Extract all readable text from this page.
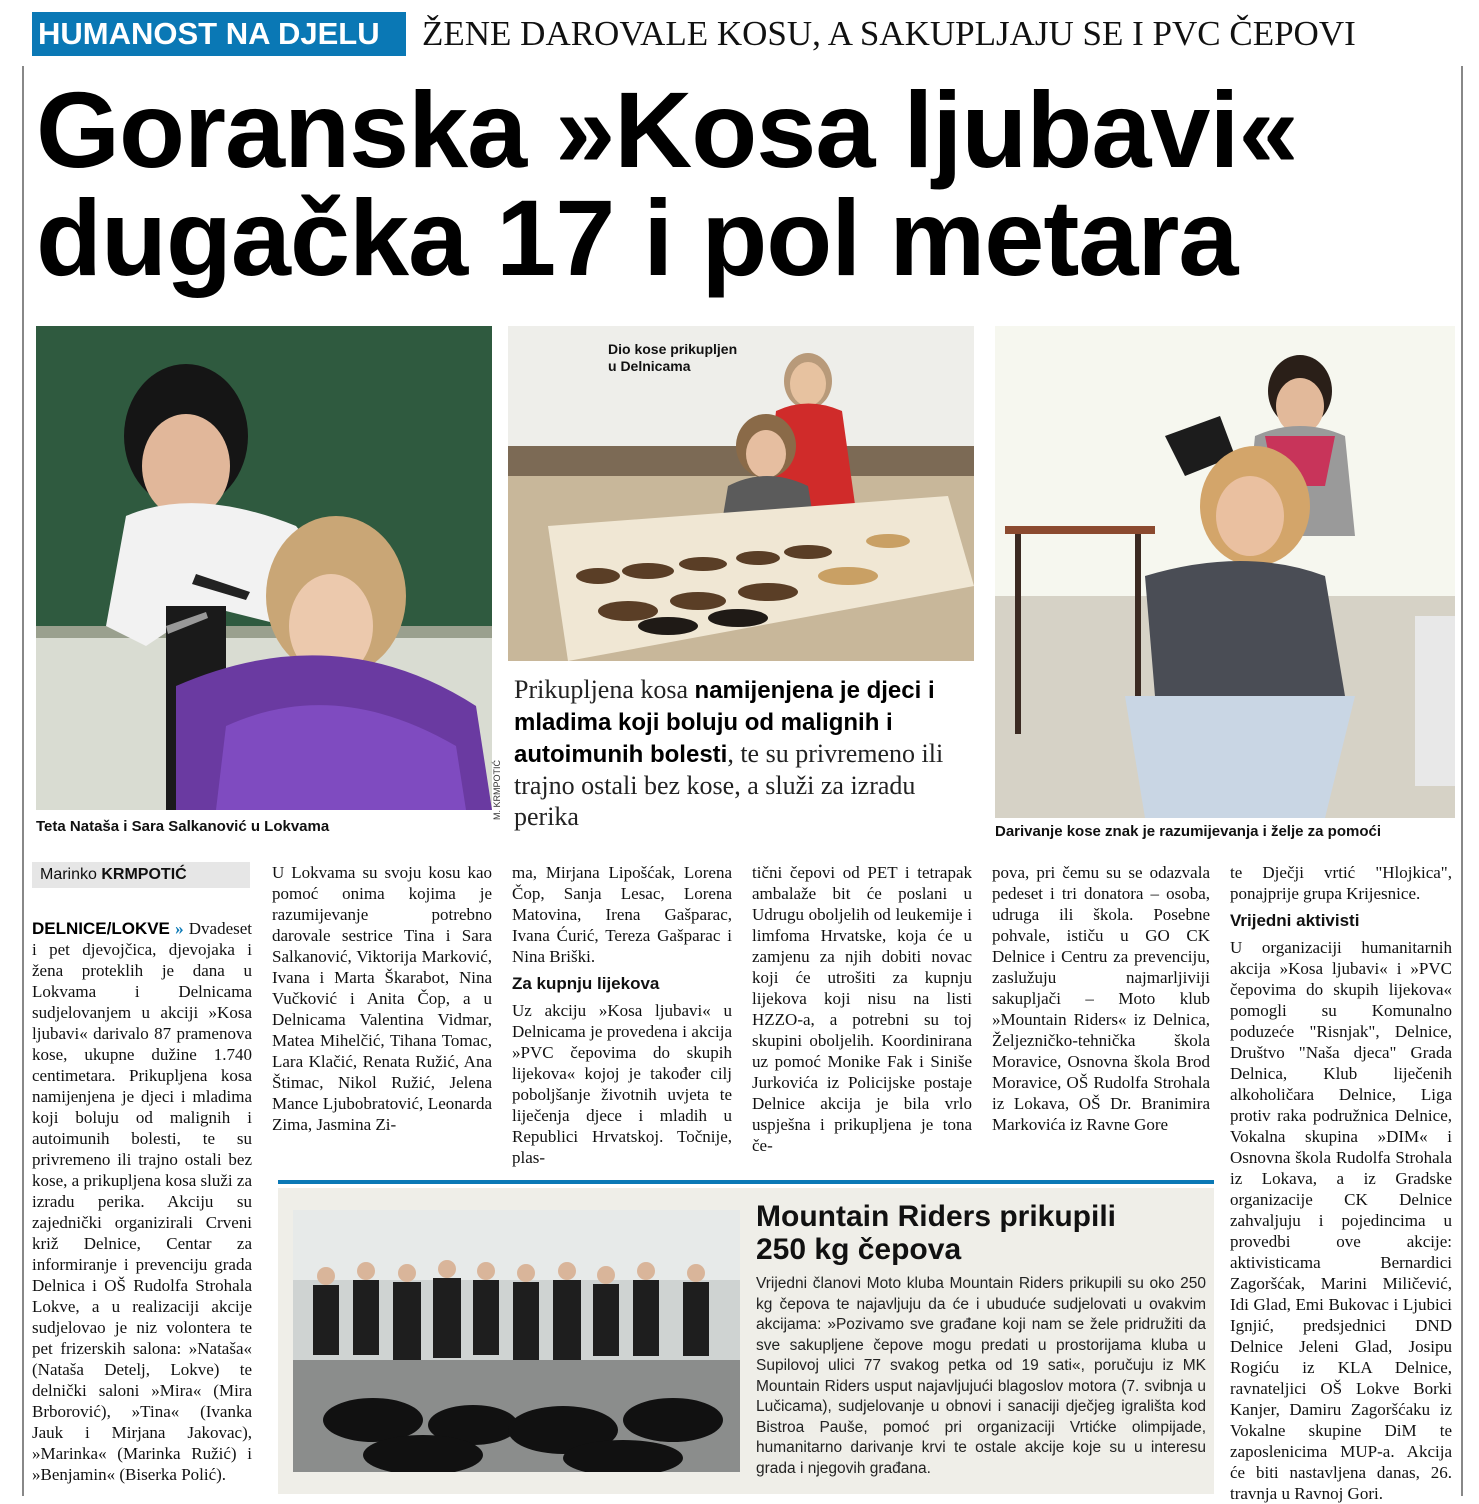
HUMANOST NA DJELU	ŽENE DAROVALE KOSU, A SAKUPLJAJU SE I PVC ČEPOVI
Goranska »Kosa ljubavi«
dugačka 17 i pol metara
Teta Nataša i Sara Salkanović u Lokvama
Dio kose prikupljen
u Delnicama
M. KRMPOTIĆ
Prikupljena kosa namijenjena je djeci i mladima koji boluju od malignih i autoimunih bolesti, te su privremeno ili trajno ostali bez kose, a služi za izradu perika
Darivanje kose znak je razumijevanja i želje za pomoći
Marinko KRMPOTIĆ
DELNICE/LOKVE » Dvadeset i pet djevojčica, djevojaka i žena proteklih je dana u Lokvama i Delnicama sudjelovanjem u akciji »Kosa ljubavi« darivalo 87 pramenova kose, ukupne dužine 1.740 centimetara. Prikupljena kosa namijenjena je djeci i mladima koji boluju od malignih i autoimunih bolesti, te su privremeno ili trajno ostali bez kose, a prikupljena kosa služi za izradu perika. Akciju su zajednički organizirali Crveni križ Delnice, Centar za informiranje i prevenciju grada Delnica i OŠ Rudolfa Strohala Lokve, a u realizaciji akcije sudjelovao je niz volontera te pet frizerskih salona: »Nataša« (Nataša Detelj, Lokve) te delnički saloni »Mira« (Mira Brborović), »Tina« (Ivanka Jauk i Mirjana Jakovac), »Marinka« (Marinka Ružić) i »Benjamin« (Biserka Polić).
U Lokvama su svoju kosu kao pomoć onima kojima je razumijevanje potrebno darovale sestrice Tina i Sara Salkanović, Viktorija Marković, Ivana i Marta Škarabot, Nina Vučković i Anita Čop, a u Delnicama Valentina Vidmar, Matea Mihelčić, Tihana Tomac, Lara Klačić, Renata Ružić, Ana Štimac, Nikol Ružić, Jelena Mance Ljubobratović, Leonarda Zima, Jasmina Zi-
ma, Mirjana Lipošćak, Lorena Čop, Sanja Lesac, Lorena Matovina, Irena Gašparac, Ivana Ćurić, Tereza Gašparac i Nina Briški.
Za kupnju lijekova
Uz akciju »Kosa ljubavi« u Delnicama je provedena i akcija »PVC čepovima do skupih lijekova« kojoj je također cilj poboljšanje životnih uvjeta te liječenja djece i mladih u Republici Hrvatskoj. Točnije, plas-
tični čepovi od PET i tetrapak ambalaže bit će poslani u Udrugu oboljelih od leukemije i limfoma Hrvatske, koja će u zamjenu za njih dobiti novac koji će utrošiti za kupnju lijekova koji nisu na listi HZZO-a, a potrebni su toj skupini oboljelih. Koordinirana uz pomoć Monike Fak i Siniše Jurkovića iz Policijske postaje Delnice akcija je bila vrlo uspješna i prikupljena je tona če-
pova, pri čemu su se odazvala pedeset i tri donatora – osoba, udruga ili škola. Posebne pohvale, ističu u GO CK Delnice i Centru za prevenciju, zaslužuju najmarljiviji sakupljači – Moto klub »Mountain Riders« iz Delnica, Željezničko-tehnička škola Moravice, Osnovna škola Brod Moravice, OŠ Rudolfa Strohala iz Lokava, OŠ Dr. Branimira Markovića iz Ravne Gore
te Dječji vrtić "Hlojkica", ponajprije grupa Krijesnice.
Vrijedni aktivisti
U organizaciji humanitarnih akcija »Kosa ljubavi« i »PVC čepovima do skupih lijekova« pomogli su Komunalno poduzeće "Risnjak", Delnice, Društvo "Naša djeca" Grada Delnica, Klub liječenih alkoholičara Delnice, Liga protiv raka podružnica Delnice, Vokalna skupina »DIM« i Osnovna škola Rudolfa Strohala iz Lokava, a iz Gradske organizacije CK Delnice zahvaljuju i pojedincima u provedbi ove akcije: aktivisticama Bernardici Zagoršćak, Marini Miličević, Idi Glad, Emi Bukovac i Ljubici Ignjić, predsjednici DND Delnice Jeleni Glad, Josipu Rogiću iz KLA Delnice, ravnateljici OŠ Lokve Borki Kanjer, Damiru Zagoršćaku iz Vokalne skupine DiM te zaposlenicima MUP-a. Akcija će biti nastavljena danas, 26. travnja u Ravnoj Gori.
Mountain Riders prikupili
250 kg čepova
Vrijedni članovi Moto kluba Mountain Riders prikupili su oko 250 kg čepova te najavljuju da će i ubuduće sudjelovati u ovakvim akcijama: »Pozivamo sve građane koji nam se žele pridružiti da sve sakupljene čepove mogu predati u prostorijama kluba u Supilovoj ulici 77 svakog petka od 19 sati«, poručuju iz MK Mountain Riders usput najavljujući blagoslov motora (7. svibnja u Lučicama), sudjelovanje u obnovi i sanaciji dječjeg igrališta kod Bistroa Pauše, pomoć pri organizaciji Vrtićke olimpijade, humanitarno darivanje krvi te ostale akcije koje su u interesu grada i njegovih građana.
